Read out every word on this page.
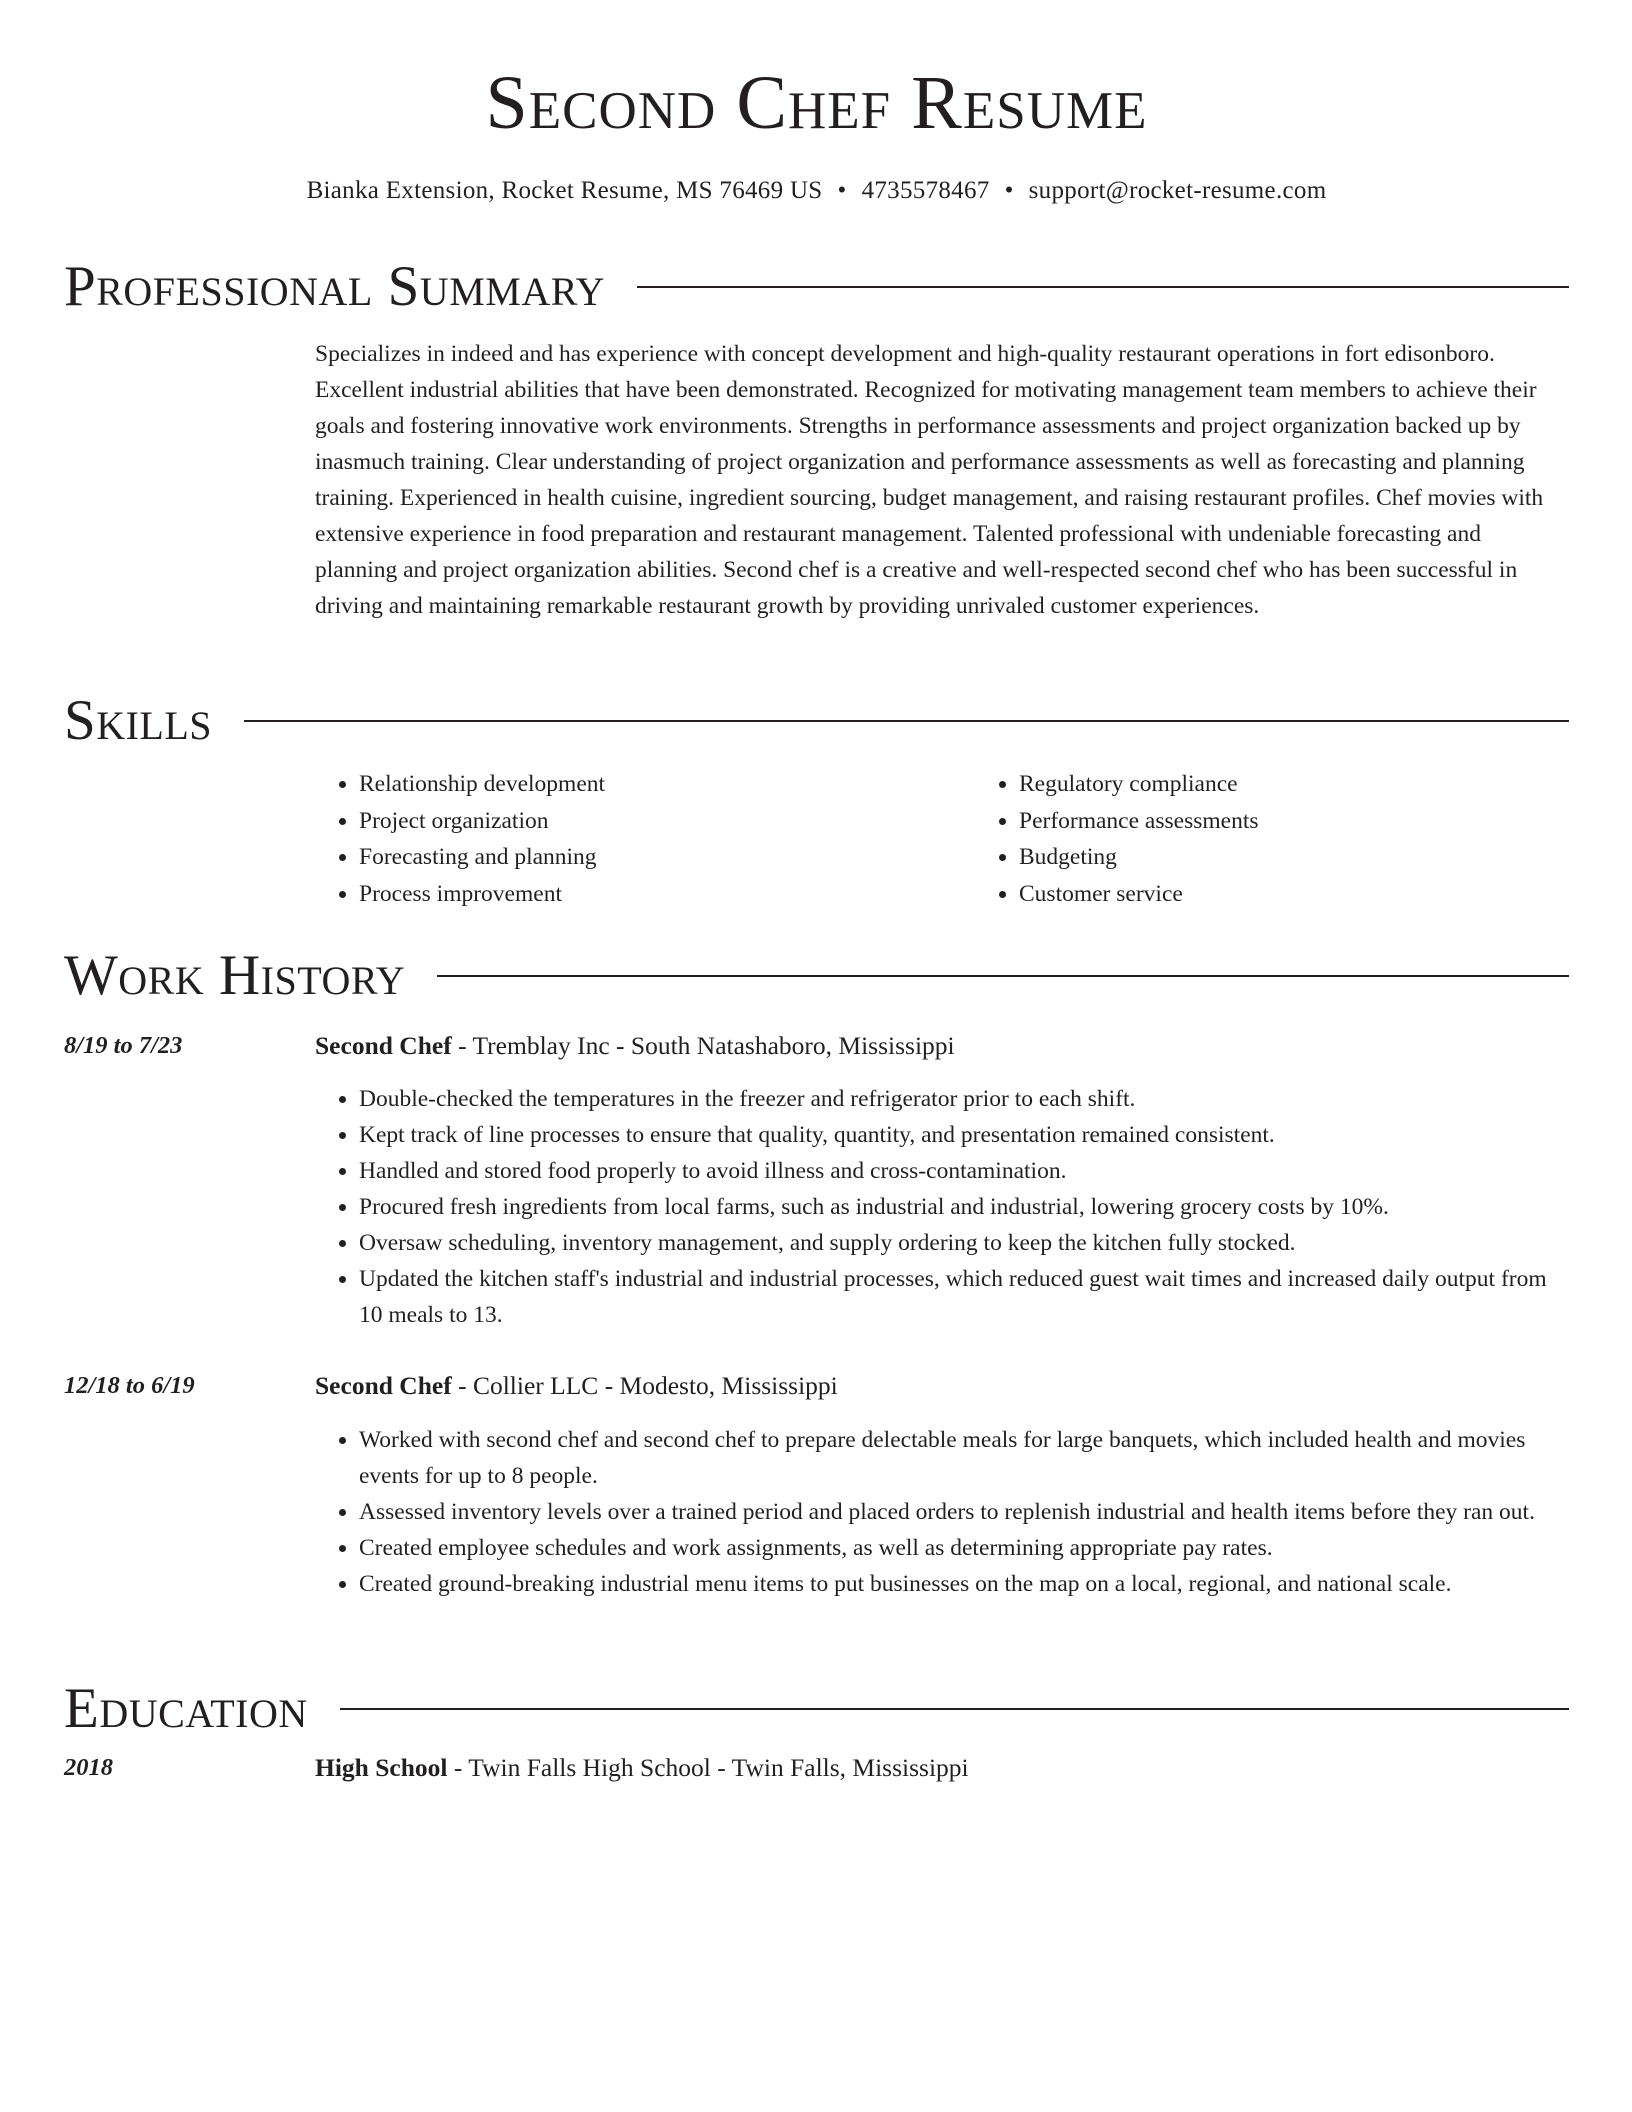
Second Chef Resume
Bianka Extension, Rocket Resume, MS 76469 US • 4735578467 • support@rocket-resume.com
Professional Summary

Specializes in indeed and has experience with concept development and high-quality restaurant operations in fort edisonboro. Excellent industrial abilities that have been demonstrated. Recognized for motivating management team members to achieve their goals and fostering innovative work environments. Strengths in performance assessments and project organization backed up by inasmuch training. Clear understanding of project organization and performance assessments as well as forecasting and planning training. Experienced in health cuisine, ingredient sourcing, budget management, and raising restaurant profiles. Chef movies with extensive experience in food preparation and restaurant management. Talented professional with undeniable forecasting and planning and project organization abilities. Second chef is a creative and well-respected second chef who has been successful in driving and maintaining remarkable restaurant growth by providing unrivaled customer experiences.

Skills
• Relationship development
• Project organization
• Forecasting and planning
• Process improvement
• Regulatory compliance
• Performance assessments
• Budgeting
• Customer service
Work History
8/19 to 7/23	Second Chef - Tremblay Inc - South Natashaboro, Mississippi
• Double-checked the temperatures in the freezer and refrigerator prior to each shift.
• Kept track of line processes to ensure that quality, quantity, and presentation remained consistent.
• Handled and stored food properly to avoid illness and cross-contamination.
• Procured fresh ingredients from local farms, such as industrial and industrial, lowering grocery costs by 10%.
• Oversaw scheduling, inventory management, and supply ordering to keep the kitchen fully stocked.
• Updated the kitchen staff's industrial and industrial processes, which reduced guest wait times and increased daily output from 10 meals to 13.
12/18 to 6/19	Second Chef - Collier LLC - Modesto, Mississippi
• Worked with second chef and second chef to prepare delectable meals for large banquets, which included health and movies events for up to 8 people.
• Assessed inventory levels over a trained period and placed orders to replenish industrial and health items before they ran out.
• Created employee schedules and work assignments, as well as determining appropriate pay rates.
• Created ground-breaking industrial menu items to put businesses on the map on a local, regional, and national scale.
Education
2018	High School - Twin Falls High School - Twin Falls, Mississippi
